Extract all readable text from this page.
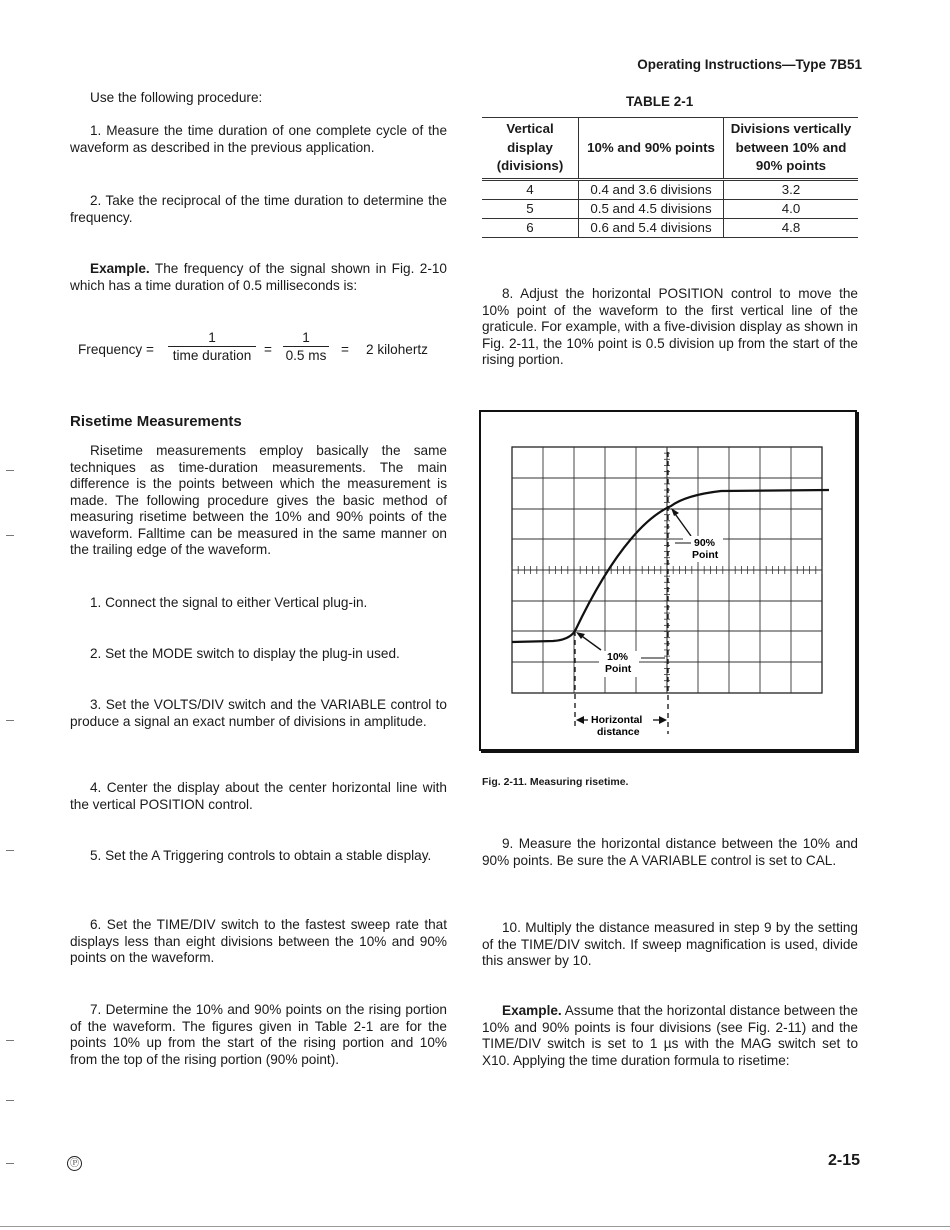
Operating Instructions—Type 7B51
Use the following procedure:
1. Measure the time duration of one complete cycle of the waveform as described in the previous application.
2. Take the reciprocal of the time duration to determine the frequency.
Example. The frequency of the signal shown in Fig. 2-10 which has a time duration of 0.5 milliseconds is:
Frequency =
1
time duration = $\frac{1}{0.5 ms} = 2$ kilohertz
Risetime Measurements
Risetime measurements employ basically the same techniques as time-duration measurements. The main difference is the points between which the measurement is made. The following procedure gives the basic method of measuring risetime between the 10% and 90% points of the waveform. Falltime can be measured in the same manner on the trailing edge of the waveform.
1. Connect the signal to either Vertical plug-in.
2. Set the MODE switch to display the plug-in used.
3. Set the VOLTS/DIV switch and the VARIABLE control to produce a signal an exact number of divisions in amplitude.
4. Center the display about the center horizontal line with the vertical POSITION control.
5. Set the A Triggering controls to obtain a stable display.
6. Set the TIME/DIV switch to the fastest sweep rate that displays less than eight divisions between the 10% and 90% points on the waveform.
7. Determine the 10% and 90% points on the rising portion of the waveform. The figures given in Table 2-1 are for the points 10% up from the start of the rising portion and 10% from the top of the rising portion (90% point).
TABLE 2-1
Vertical display (divisions)	10% and 90% points	Divisions vertically between 10% and 90% points
4	0.4 and 3.6 divisions	3.2
5	0.5 and 4.5 divisions	4.0
6	0.6 and 5.4 divisions	4.8
8. Adjust the horizontal POSITION control to move the 10% point of the waveform to the first vertical line of the graticule. For example, with a five-division display as shown in Fig. 2-11, the 10% point is 0.5 division up from the start of the rising portion.
90%
Point
10%
Point
Horizontal
distance
Fig. 2-11. Measuring risetime.
9. Measure the horizontal distance between the 10% and 90% points. Be sure the A VARIABLE control is set to CAL.
10. Multiply the distance measured in step 9 by the setting of the TIME/DIV switch. If sweep magnification is used, divide this answer by 10.
Example. Assume that the horizontal distance between the 10% and 90% points is four divisions (see Fig. 2-11) and the TIME/DIV switch is set to 1 µs with the MAG switch set to X10. Applying the time duration formula to risetime:
Ⓟ	2-15
